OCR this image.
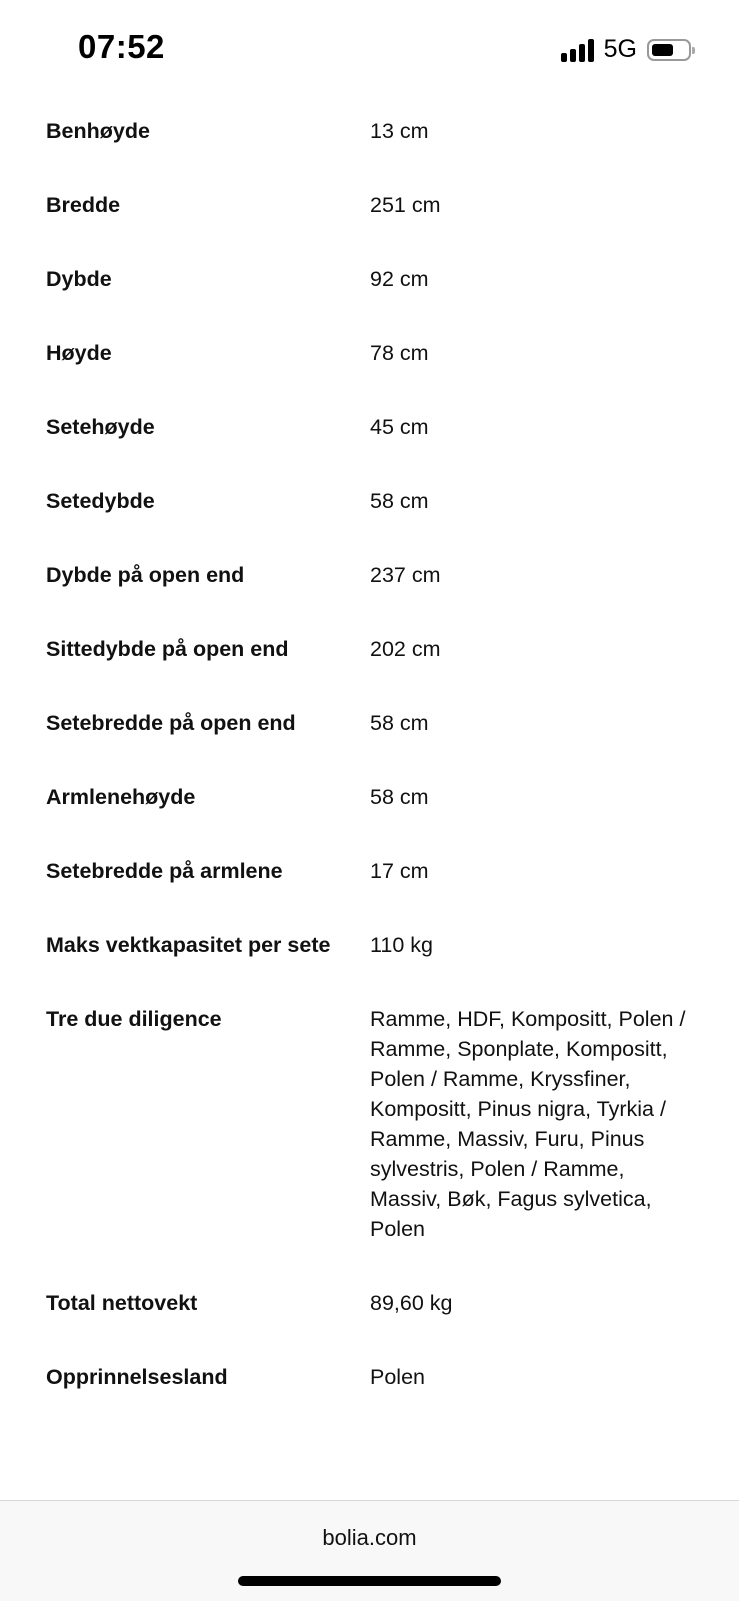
07:52	5G
Benhøyde	13 cm
Bredde	251 cm
Dybde	92 cm
Høyde	78 cm
Setehøyde	45 cm
Setedybde	58 cm
Dybde på open end	237 cm
Sittedybde på open end	202 cm
Setebredde på open end	58 cm
Armlenehøyde	58 cm
Setebredde på armlene	17 cm
Maks vektkapasitet per sete	110 kg
Tre due diligence	Ramme, HDF, Kompositt, Polen / Ramme, Sponplate, Kompositt, Polen / Ramme, Kryssfiner, Kompositt, Pinus nigra, Tyrkia / Ramme, Massiv, Furu, Pinus sylvestris, Polen / Ramme, Massiv, Bøk, Fagus sylvetica, Polen
Total nettovekt	89,60 kg
Opprinnelsesland	Polen
bolia.com
